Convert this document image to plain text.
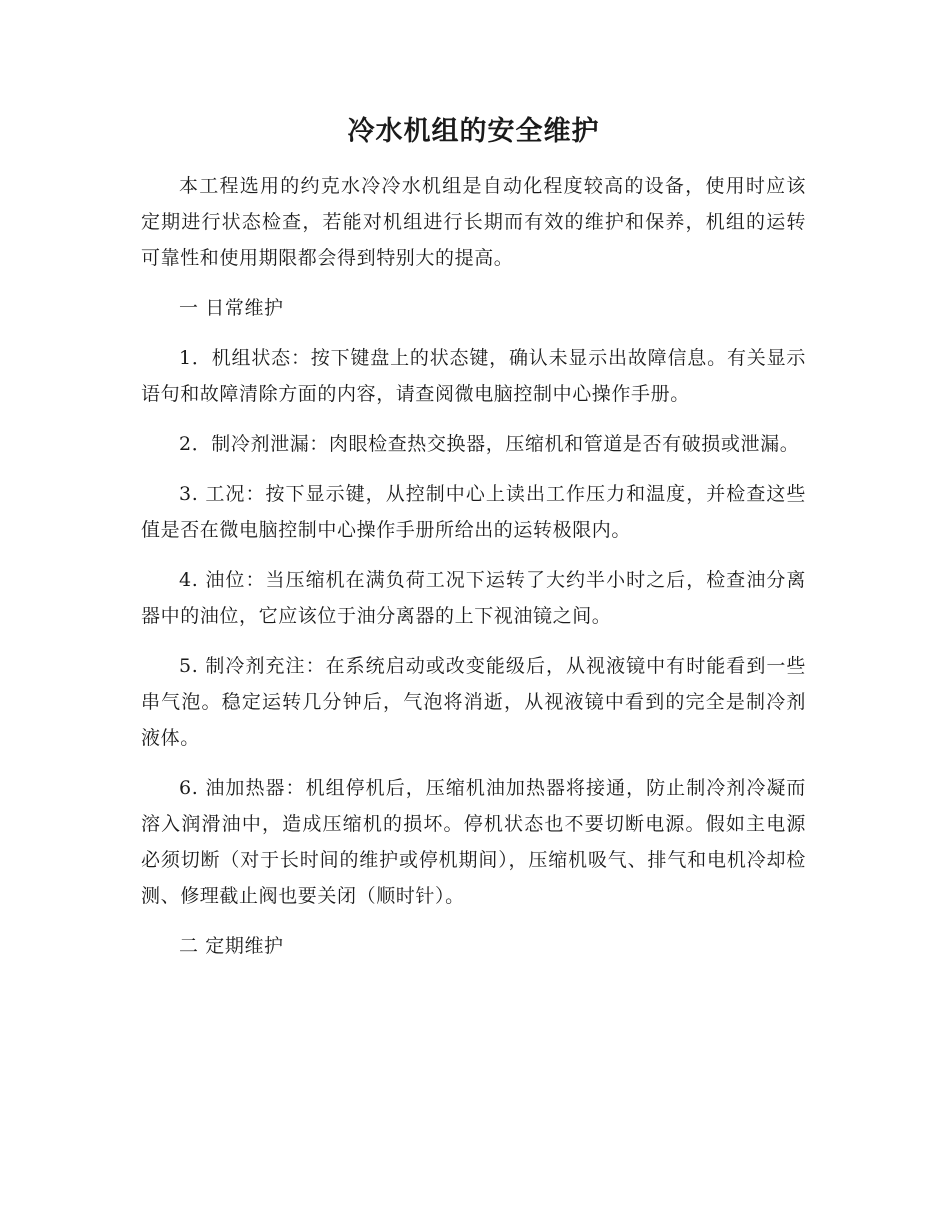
冷水机组的安全维护

本工程选用的约克水冷冷水机组是自动化程度较高的设备，使用时应该定期进行状态检查，若能对机组进行长期而有效的维护和保养，机组的运转可靠性和使用期限都会得到特别大的提高。

一 日常维护

1．机组状态：按下键盘上的状态键，确认未显示出故障信息。有关显示语句和故障清除方面的内容，请查阅微电脑控制中心操作手册。

2．制冷剂泄漏：肉眼检查热交换器，压缩机和管道是否有破损或泄漏。

3. 工况：按下显示键，从控制中心上读出工作压力和温度，并检查这些值是否在微电脑控制中心操作手册所给出的运转极限内。

4. 油位：当压缩机在满负荷工况下运转了大约半小时之后，检查油分离器中的油位，它应该位于油分离器的上下视油镜之间。

5. 制冷剂充注：在系统启动或改变能级后，从视液镜中有时能看到一些串气泡。稳定运转几分钟后，气泡将消逝，从视液镜中看到的完全是制冷剂液体。

6. 油加热器：机组停机后，压缩机油加热器将接通，防止制冷剂冷凝而溶入润滑油中，造成压缩机的损坏。停机状态也不要切断电源。假如主电源必须切断（对于长时间的维护或停机期间），压缩机吸气、排气和电机冷却检测、修理截止阀也要关闭（顺时针）。

二 定期维护
